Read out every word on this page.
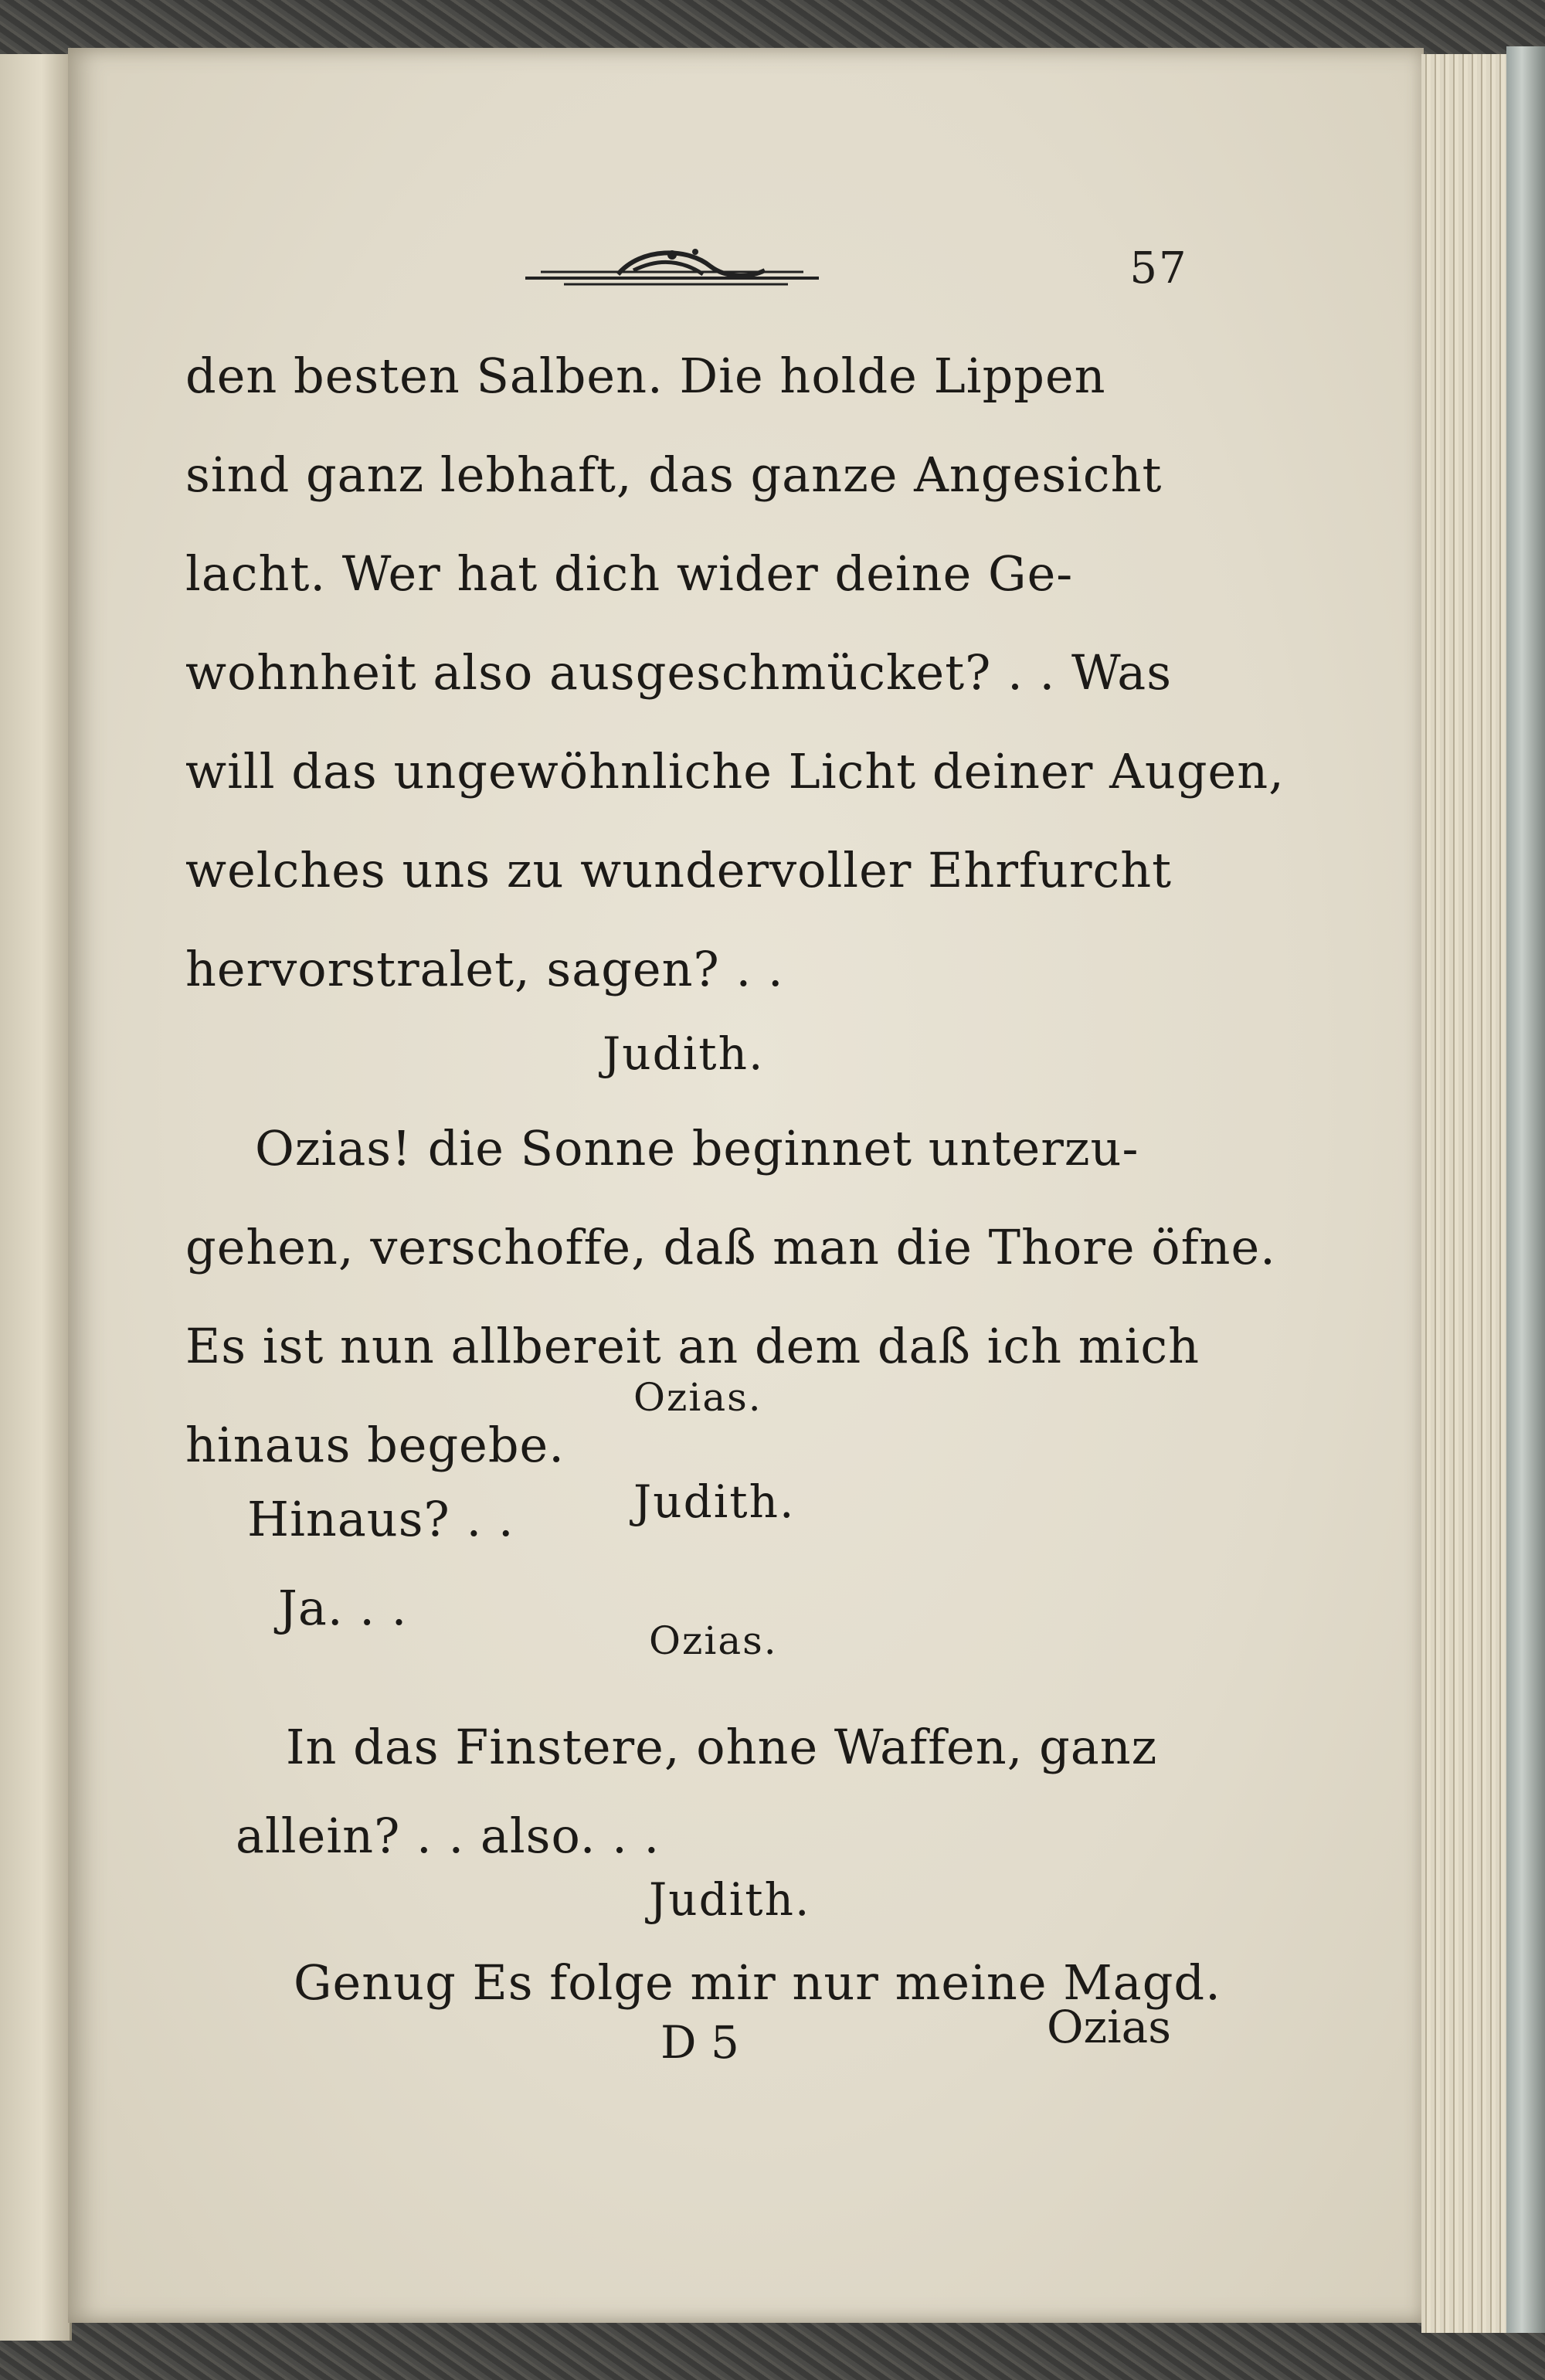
57
den besten Salben. Die holde Lippen
sind ganz lebhaft, das ganze Angesicht
lacht. Wer hat dich wider deine Ge-
wohnheit also ausgeschmücket? . . Was
will das ungewöhnliche Licht deiner Augen,
welches uns zu wundervoller Ehrfurcht
hervorstralet, sagen? . .
Judith.
Ozias! die Sonne beginnet unterzu-
gehen, verschoffe, daß man die Thore öfne.
Es ist nun allbereit an dem daß ich mich
hinaus begebe.
Ozias.
Hinaus? . .	Judith.
Ja. . .
Ozias.
In das Finstere, ohne Waffen, ganz
allein? . . also. . .
Judith.
Genug Es folge mir nur meine Magd.
D 5	Ozias
